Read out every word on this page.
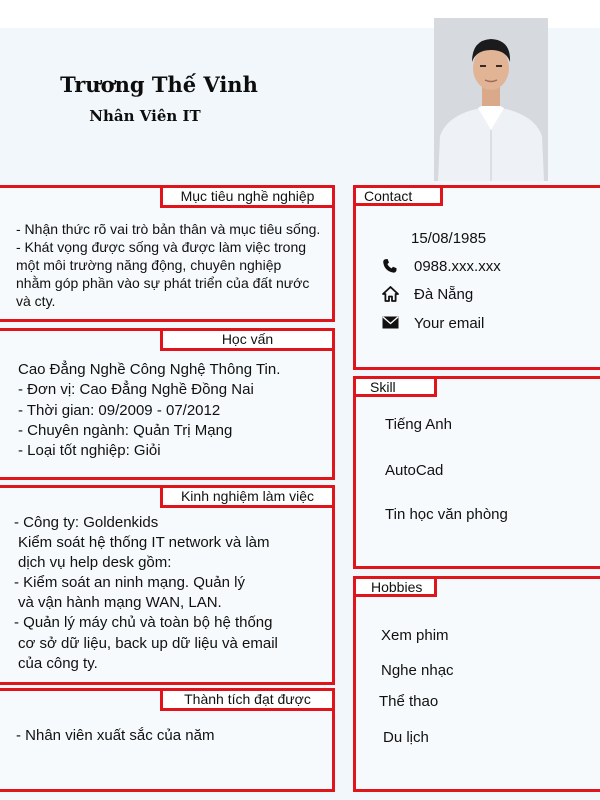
Trương Thế Vinh
Nhân Viên IT
Mục tiêu nghề nghiệp
- Nhận thức rõ vai trò bản thân và mục tiêu sống.
- Khát vọng được sống và được làm việc trong
một môi trường năng động, chuyên nghiệp
nhằm góp phần vào sự phát triển của đất nước
và cty.
Học vấn
Cao Đẳng Nghề Công Nghệ Thông Tin.
- Đơn vị: Cao Đẳng Nghề Đồng Nai
- Thời gian: 09/2009 - 07/2012
- Chuyên ngành: Quản Trị Mạng
- Loại tốt nghiệp: Giỏi
Kinh nghiệm làm việc
- Công ty: Goldenkids
Kiểm soát hệ thống IT network và làm
dịch vụ help desk gồm:
- Kiểm soát an ninh mạng. Quản lý
và vận hành mạng WAN, LAN.
- Quản lý máy chủ và toàn bộ hệ thống
cơ sở dữ liệu, back up dữ liệu và email
của công ty.
Thành tích đạt được
- Nhân viên xuất sắc của năm
Contact
15/08/1985
0988.xxx.xxx
Đà Nẵng
Your email
Skill
Tiếng Anh
AutoCad
Tin học văn phòng
Hobbies
Xem phim
Nghe nhạc
Thể thao
Du lịch
